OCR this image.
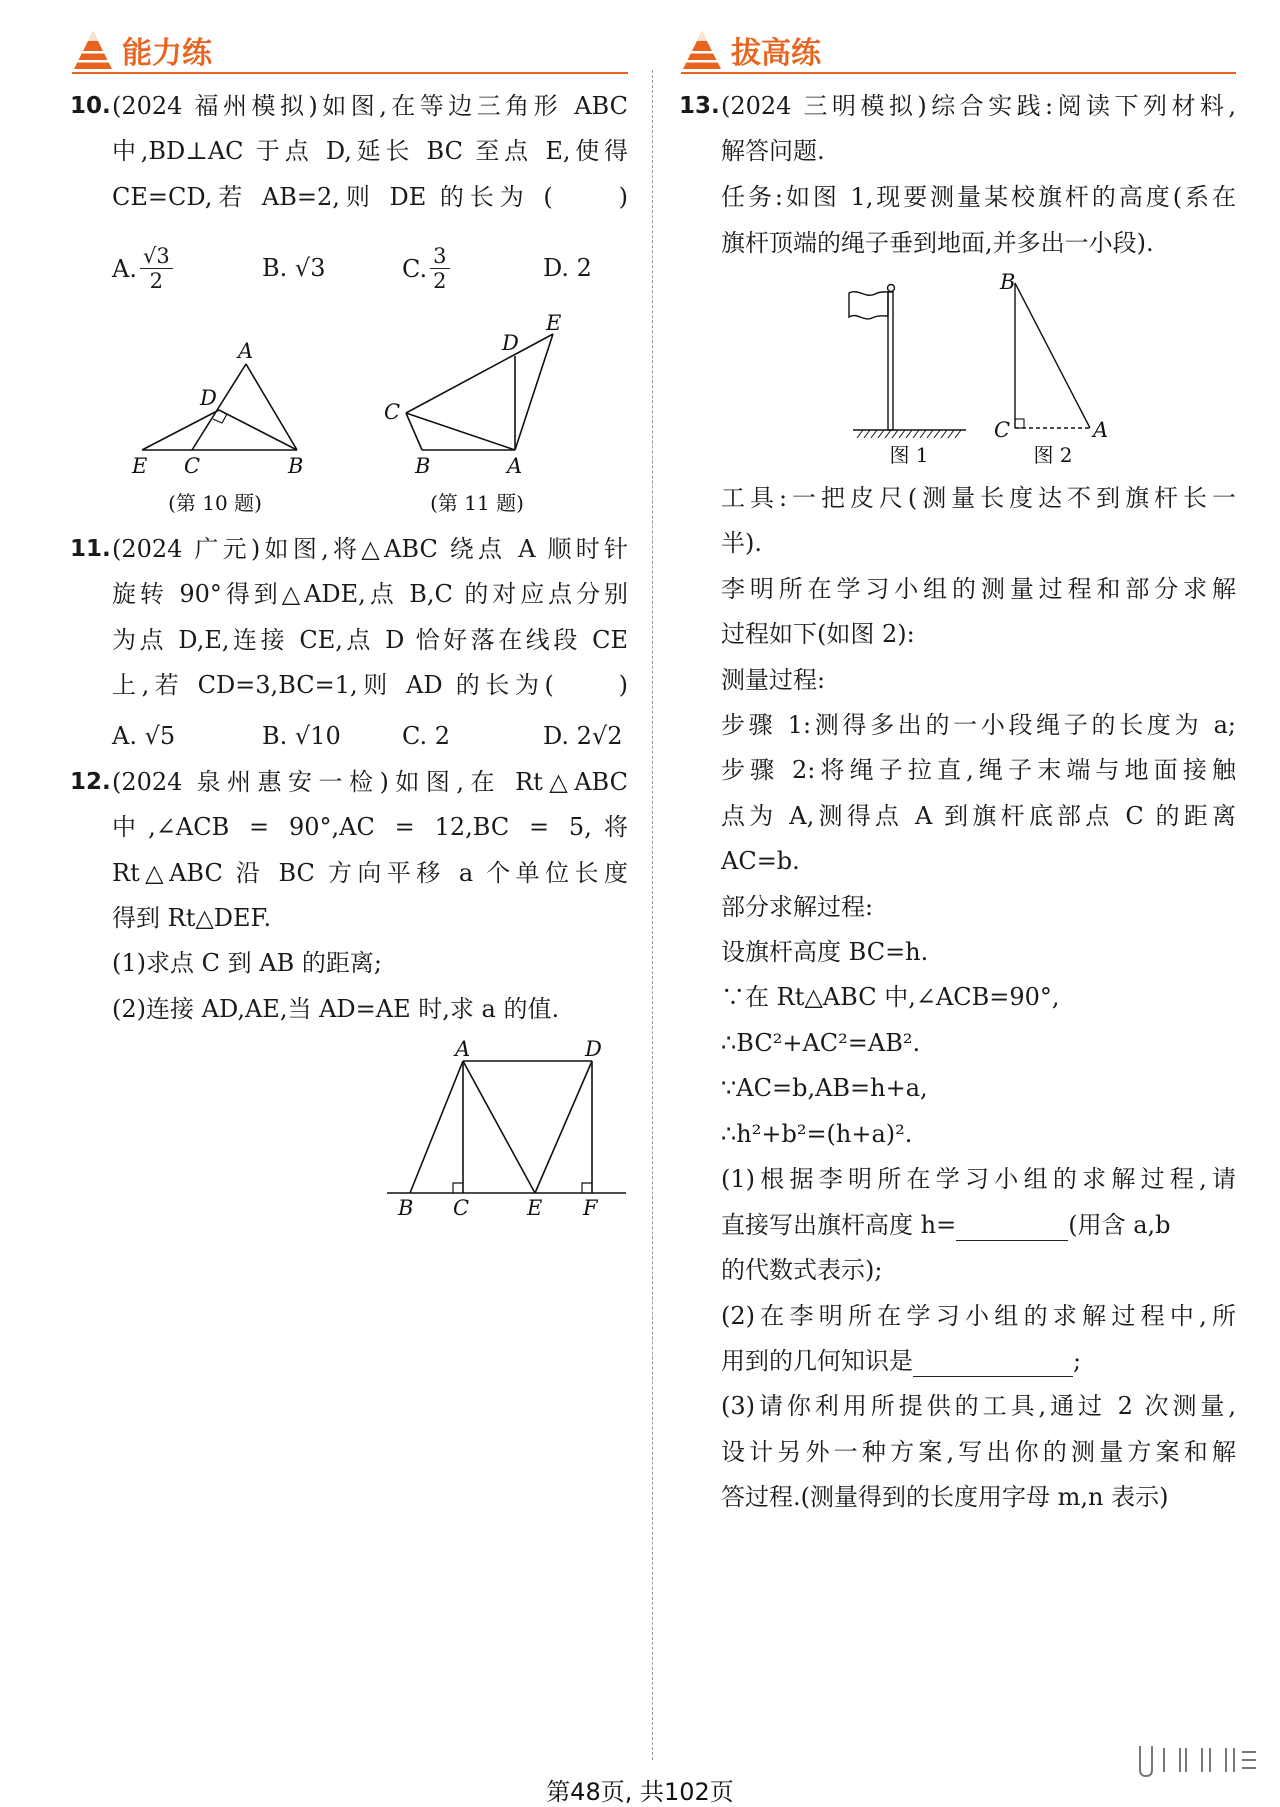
能力练	拔高练
10. (2024 福州模拟)如图,在等边三角形 ABC
中,BD⊥AC 于点 D,延长 BC 至点 E,使得
CE=CD,若 AB=2,则 DE 的长为 (　　)
A. $\frac{√3}{2}$	B. √3	C. $\frac{3}{2}$	D. 2
A
D
E C	B
(第 10 题)
C
B	A
D
E
(第 11 题)
11. (2024 广元)如图,将△ABC 绕点 A 顺时针
旋转 90°得到△ADE,点 B,C 的对应点分别
为点 D,E,连接 CE,点 D 恰好落在线段 CE
上,若 CD=3,BC=1,则 AD 的长为(　　)
A. √5	B. √10	C. 2	D. 2√2
12. (2024 泉州惠安一检)如图,在 Rt△ABC
中,∠ACB = 90°,AC = 12,BC = 5,将
Rt△ABC 沿 BC 方向平移 a 个单位长度
得到 Rt△DEF.
(1)求点 C 到 AB 的距离;
(2)连接 AD,AE,当 AD=AE 时,求 a 的值.
A	D
B C	E F
13. (2024 三明模拟)综合实践:阅读下列材料,
解答问题.
任务:如图 1,现要测量某校旗杆的高度(系在
旗杆顶端的绳子垂到地面,并多出一小段).
图 1
B
C	A
图 2
工具:一把皮尺(测量长度达不到旗杆长一
半).
李明所在学习小组的测量过程和部分求解
过程如下(如图 2):
测量过程:
步骤 1:测得多出的一小段绳子的长度为 a;
步骤 2:将绳子拉直,绳子末端与地面接触
点为 A,测得点 A 到旗杆底部点 C 的距离
AC=b.
部分求解过程:
设旗杆高度 BC=h.
∵在 Rt△ABC 中,∠ACB=90°,
∴BC²+AC²=AB².
∵AC=b,AB=h+a,
∴h²+b²=(h+a)².
(1)根据李明所在学习小组的求解过程,请
直接写出旗杆高度 h=	(用含 a,b
的代数式表示);
(2)在李明所在学习小组的求解过程中,所
用到的几何知识是	;
(3)请你利用所提供的工具,通过 2 次测量,
设计另外一种方案,写出你的测量方案和解
答过程.(测量得到的长度用字母 m,n 表示)
第48页, 共102页
